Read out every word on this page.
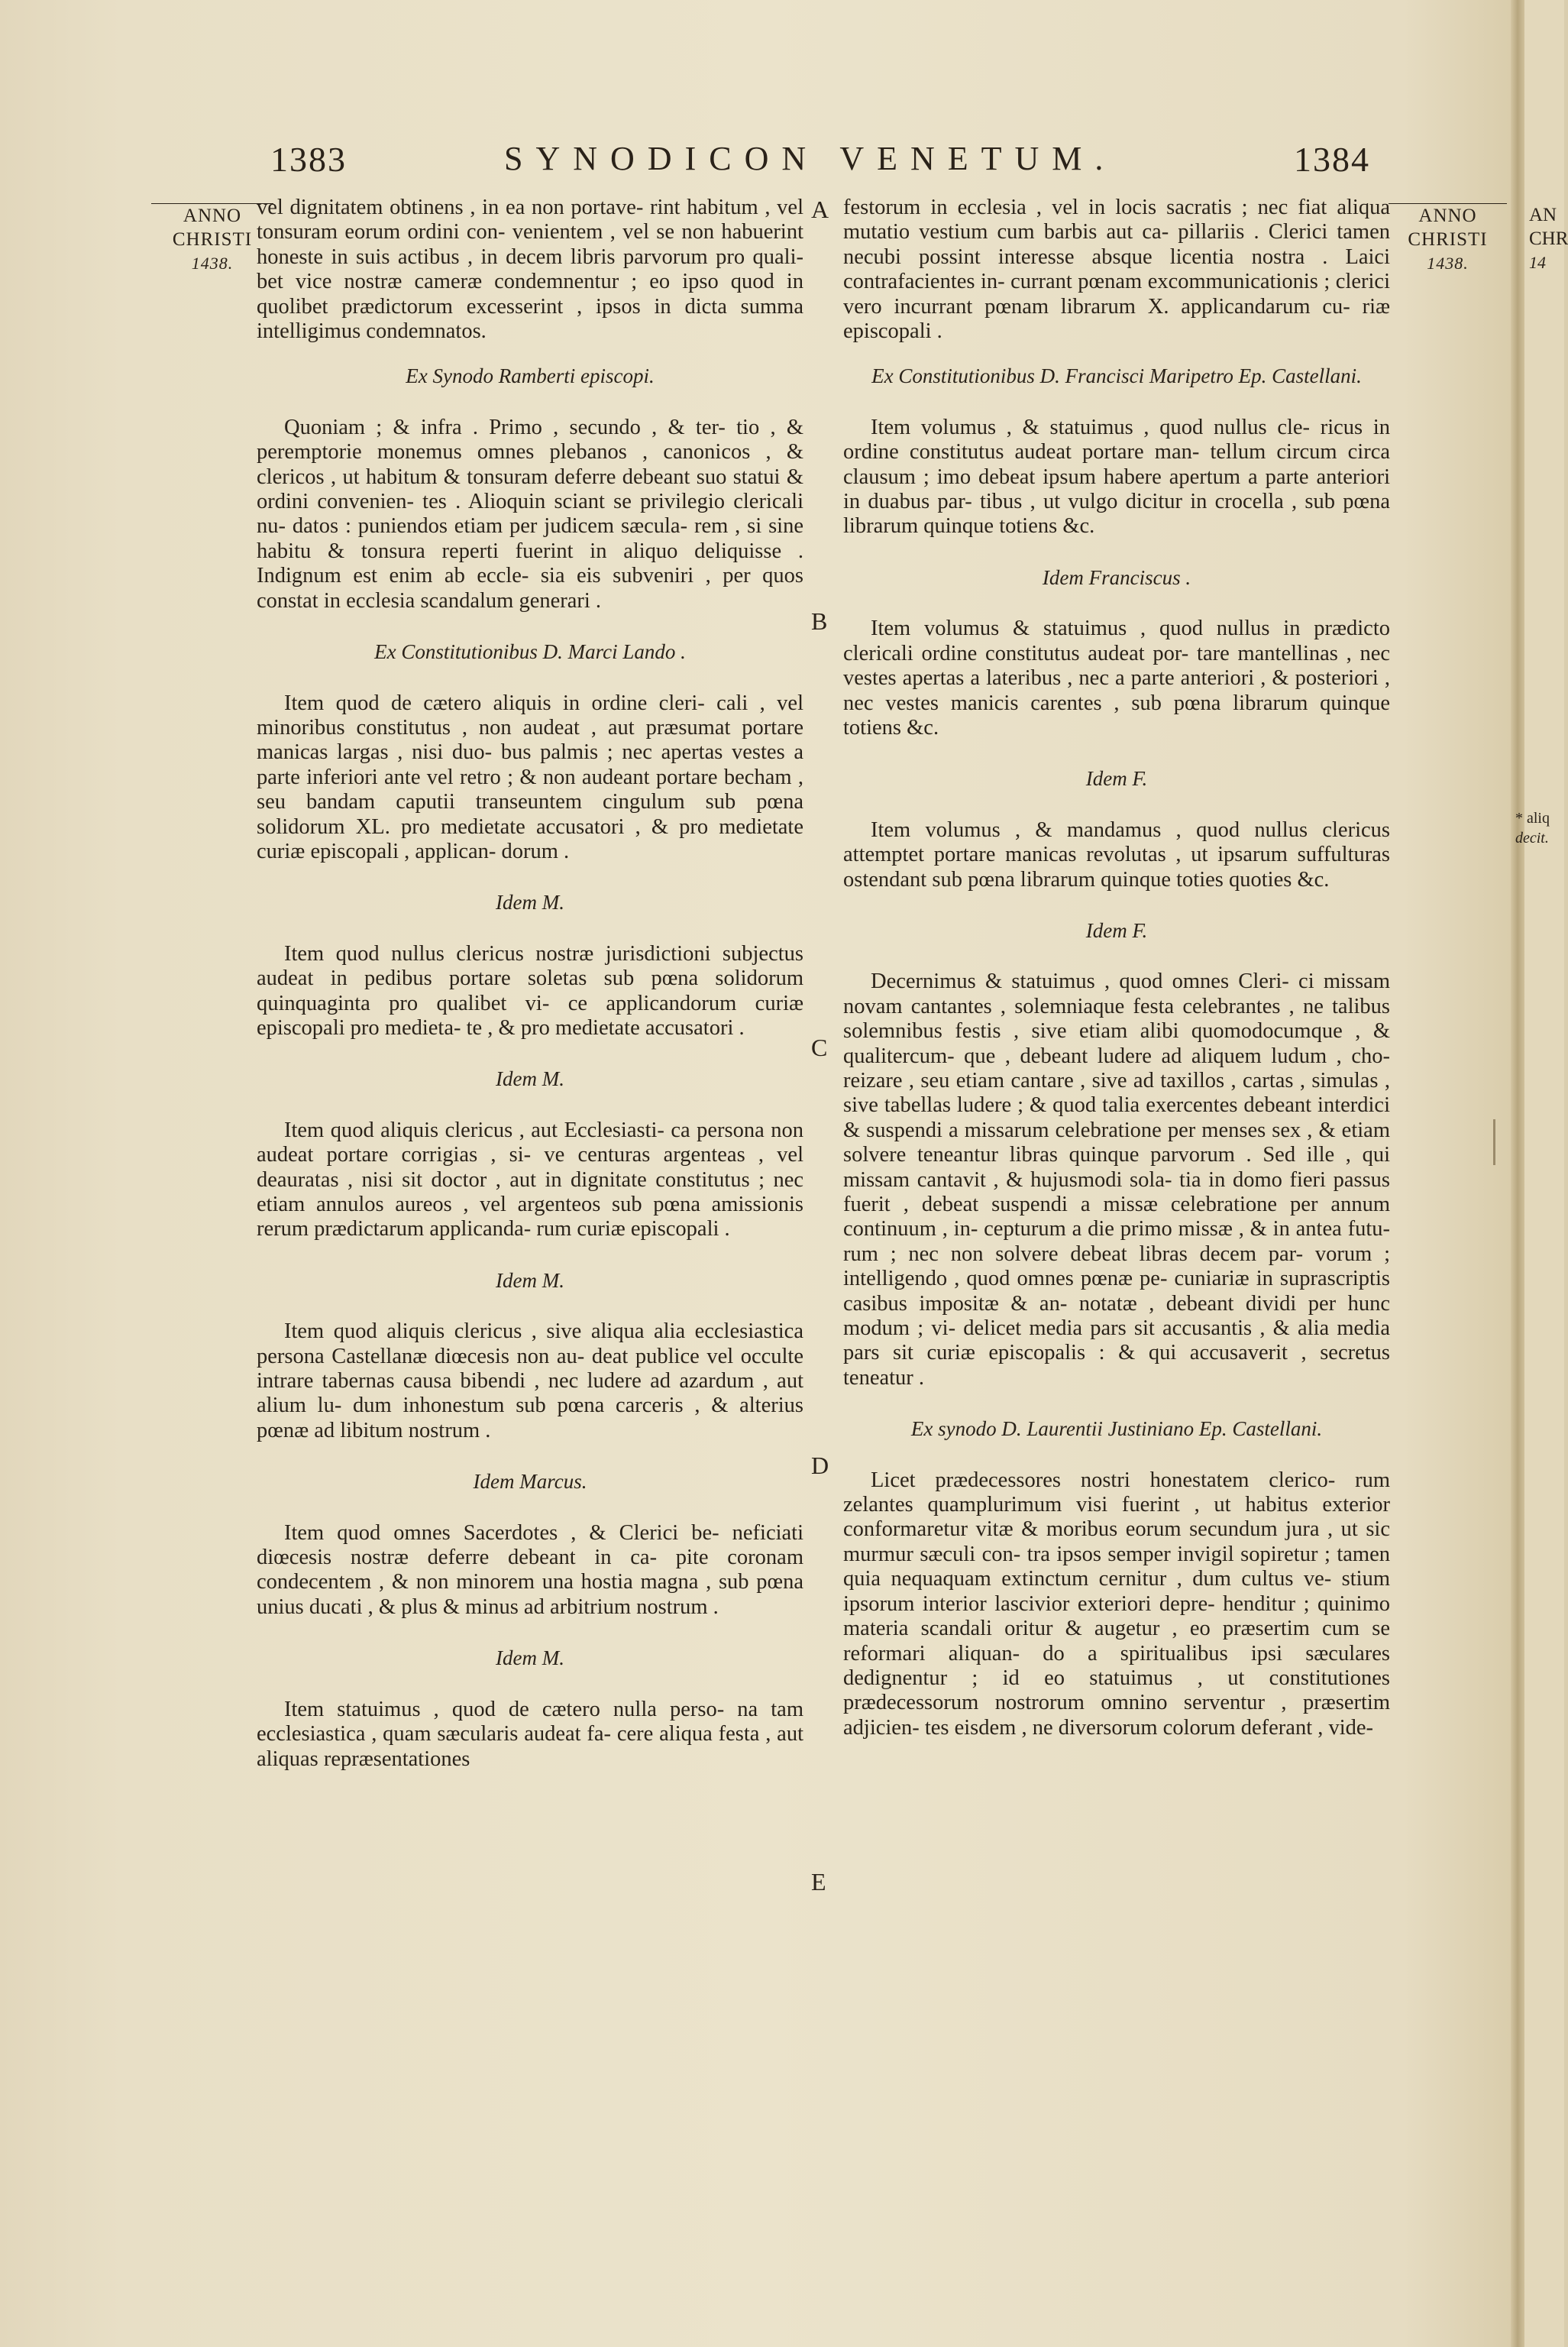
AN
CHR
14
1383	SYNODICON VENETUM.	1384
ANNO
CHRISTI
1438.
ANNO
CHRISTI
1438.
* aliq
decit.
A
B
C
D
E

vel dignitatem obtinens , in ea non portave- rint habitum , vel tonsuram eorum ordini con- venientem , vel se non habuerint honeste in suis actibus , in decem libris parvorum pro quali- bet vice nostræ cameræ condemnentur ; eo ipso quod in quolibet prædictorum excesserint , ipsos in dicta summa intelligimus condemnatos.

Ex Synodo Ramberti episcopi.

Quoniam ; & infra . Primo , secundo , & ter- tio , & peremptorie monemus omnes plebanos , canonicos , & clericos , ut habitum & tonsuram deferre debeant suo statui & ordini convenien- tes . Alioquin sciant se privilegio clericali nu- datos : puniendos etiam per judicem sæcula- rem , si sine habitu & tonsura reperti fuerint in aliquo deliquisse . Indignum est enim ab eccle- sia eis subveniri , per quos constat in ecclesia scandalum generari .

Ex Constitutionibus D. Marci Lando .

Item quod de cætero aliquis in ordine cleri- cali , vel minoribus constitutus , non audeat , aut præsumat portare manicas largas , nisi duo- bus palmis ; nec apertas vestes a parte inferiori ante vel retro ; & non audeant portare becham , seu bandam caputii transeuntem cingulum sub pœna solidorum XL. pro medietate accusatori , & pro medietate curiæ episcopali , applican- dorum .

Idem M.

Item quod nullus clericus nostræ jurisdictioni subjectus audeat in pedibus portare soletas sub pœna solidorum quinquaginta pro qualibet vi- ce applicandorum curiæ episcopali pro medieta- te , & pro medietate accusatori .

Idem M.

Item quod aliquis clericus , aut Ecclesiasti- ca persona non audeat portare corrigias , si- ve centuras argenteas , vel deauratas , nisi sit doctor , aut in dignitate constitutus ; nec etiam annulos aureos , vel argenteos sub pœna amissionis rerum prædictarum applicanda- rum curiæ episcopali .

Idem M.

Item quod aliquis clericus , sive aliqua alia ecclesiastica persona Castellanæ diœcesis non au- deat publice vel occulte intrare tabernas causa bibendi , nec ludere ad azardum , aut alium lu- dum inhonestum sub pœna carceris , & alterius pœnæ ad libitum nostrum .

Idem Marcus.

Item quod omnes Sacerdotes , & Clerici be- neficiati diœcesis nostræ deferre debeant in ca- pite coronam condecentem , & non minorem una hostia magna , sub pœna unius ducati , & plus & minus ad arbitrium nostrum .

Idem M.

Item statuimus , quod de cætero nulla perso- na tam ecclesiastica , quam sæcularis audeat fa- cere aliqua festa , aut aliquas repræsentationes

festorum in ecclesia , vel in locis sacratis ; nec fiat aliqua mutatio vestium cum barbis aut ca- pillariis . Clerici tamen necubi possint interesse absque licentia nostra . Laici contrafacientes in- currant pœnam excommunicationis ; clerici vero incurrant pœnam librarum X. applicandarum cu- riæ episcopali .

Ex Constitutionibus D. Francisci Maripetro Ep. Castellani.

Item volumus , & statuimus , quod nullus cle- ricus in ordine constitutus audeat portare man- tellum circum circa clausum ; imo debeat ipsum habere apertum a parte anteriori in duabus par- tibus , ut vulgo dicitur in crocella , sub pœna librarum quinque totiens &c.

Idem Franciscus .

Item volumus & statuimus , quod nullus in prædicto clericali ordine constitutus audeat por- tare mantellinas , nec vestes apertas a lateribus , nec a parte anteriori , & posteriori , nec vestes manicis carentes , sub pœna librarum quinque totiens &c.

Idem F.

Item volumus , & mandamus , quod nullus clericus attemptet portare manicas revolutas , ut ipsarum suffulturas ostendant sub pœna librarum quinque toties quoties &c.

Idem F.

Decernimus & statuimus , quod omnes Cleri- ci missam novam cantantes , solemniaque festa celebrantes , ne talibus solemnibus festis , sive etiam alibi quomodocumque , & qualitercum- que , debeant ludere ad aliquem ludum , cho- reizare , seu etiam cantare , sive ad taxillos , cartas , simulas , sive tabellas ludere ; & quod talia exercentes debeant interdici & suspendi a missarum celebratione per menses sex , & etiam solvere teneantur libras quinque parvorum . Sed ille , qui missam cantavit , & hujusmodi sola- tia in domo fieri passus fuerit , debeat suspendi a missæ celebratione per annum continuum , in- cepturum a die primo missæ , & in antea futu- rum ; nec non solvere debeat libras decem par- vorum ; intelligendo , quod omnes pœnæ pe- cuniariæ in suprascriptis casibus impositæ & an- notatæ , debeant dividi per hunc modum ; vi- delicet media pars sit accusantis , & alia media pars sit curiæ episcopalis : & qui accusaverit , secretus teneatur .

Ex synodo D. Laurentii Justiniano Ep. Castellani.

Licet prædecessores nostri honestatem clerico- rum zelantes quamplurimum visi fuerint , ut habitus exterior conformaretur vitæ & moribus eorum secundum jura , ut sic murmur sæculi con- tra ipsos semper invigil sopiretur ; tamen quia nequaquam extinctum cernitur , dum cultus ve- stium ipsorum interior lascivior exteriori depre- henditur ; quinimo materia scandali oritur & augetur , eo præsertim cum se reformari aliquan- do a spiritualibus ipsi sæculares dedignentur ; id eo statuimus , ut constitutiones prædecessorum nostrorum omnino serventur , præsertim adjicien- tes eisdem , ne diversorum colorum deferant , vide-
